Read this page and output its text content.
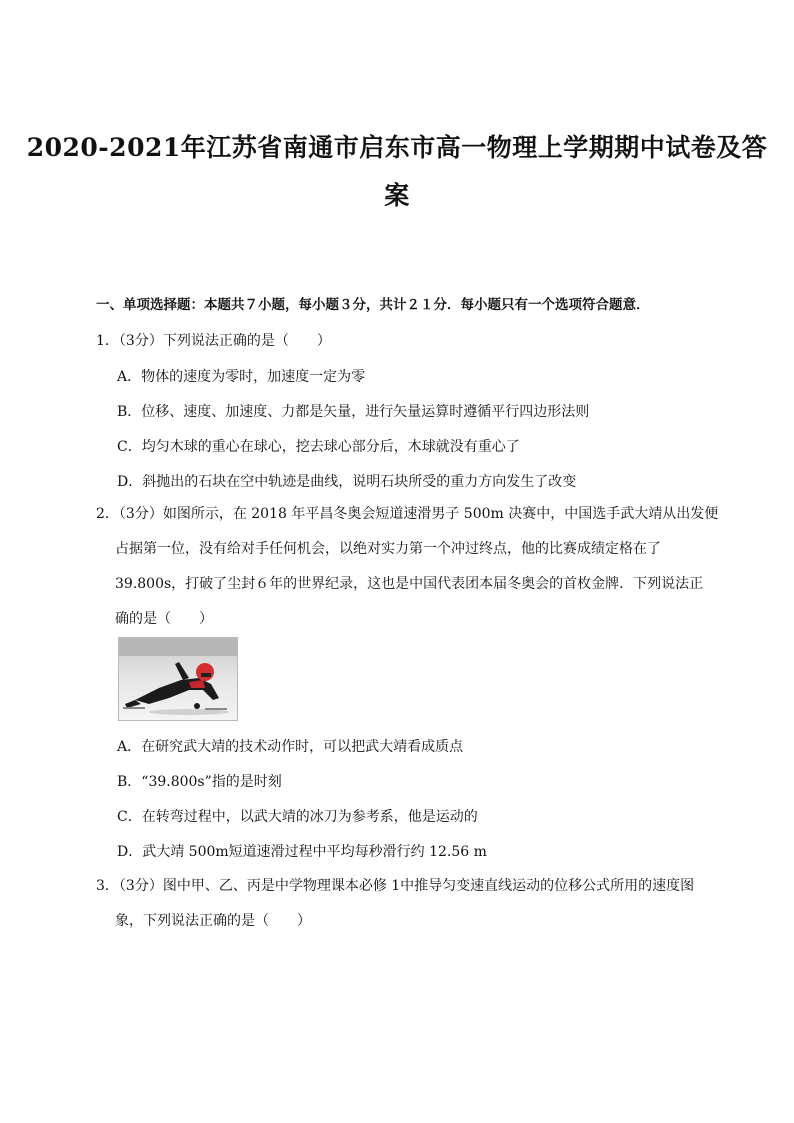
2020-2021年江苏省南通市启东市高一物理上学期期中试卷及答
案
一、单项选择题：本题共７小题，每小题３分，共计２１分．每小题只有一个选项符合题意．
1．（3分）下列说法正确的是（　　）
A．物体的速度为零时，加速度一定为零
B．位移、速度、加速度、力都是矢量，进行矢量运算时遵循平行四边形法则
C．均匀木球的重心在球心，挖去球心部分后，木球就没有重心了
D．斜抛出的石块在空中轨迹是曲线，说明石块所受的重力方向发生了改变
2．（3分）如图所示，在 2018 年平昌冬奥会短道速滑男子 500m 决赛中，中国选手武大靖从出发便
占据第一位，没有给对手任何机会，以绝对实力第一个冲过终点，他的比赛成绩定格在了
39.800s，打破了尘封６年的世界纪录，这也是中国代表团本届冬奥会的首枚金牌．下列说法正
确的是（　　）
A．在研究武大靖的技术动作时，可以把武大靖看成质点
B．“39.800s”指的是时刻
C．在转弯过程中，以武大靖的冰刀为参考系，他是运动的
D．武大靖 500m短道速滑过程中平均每秒滑行约 12.56 m
3．（3分）图中甲、乙、丙是中学物理课本必修 1中推导匀变速直线运动的位移公式所用的速度图
象，下列说法正确的是（　　）
